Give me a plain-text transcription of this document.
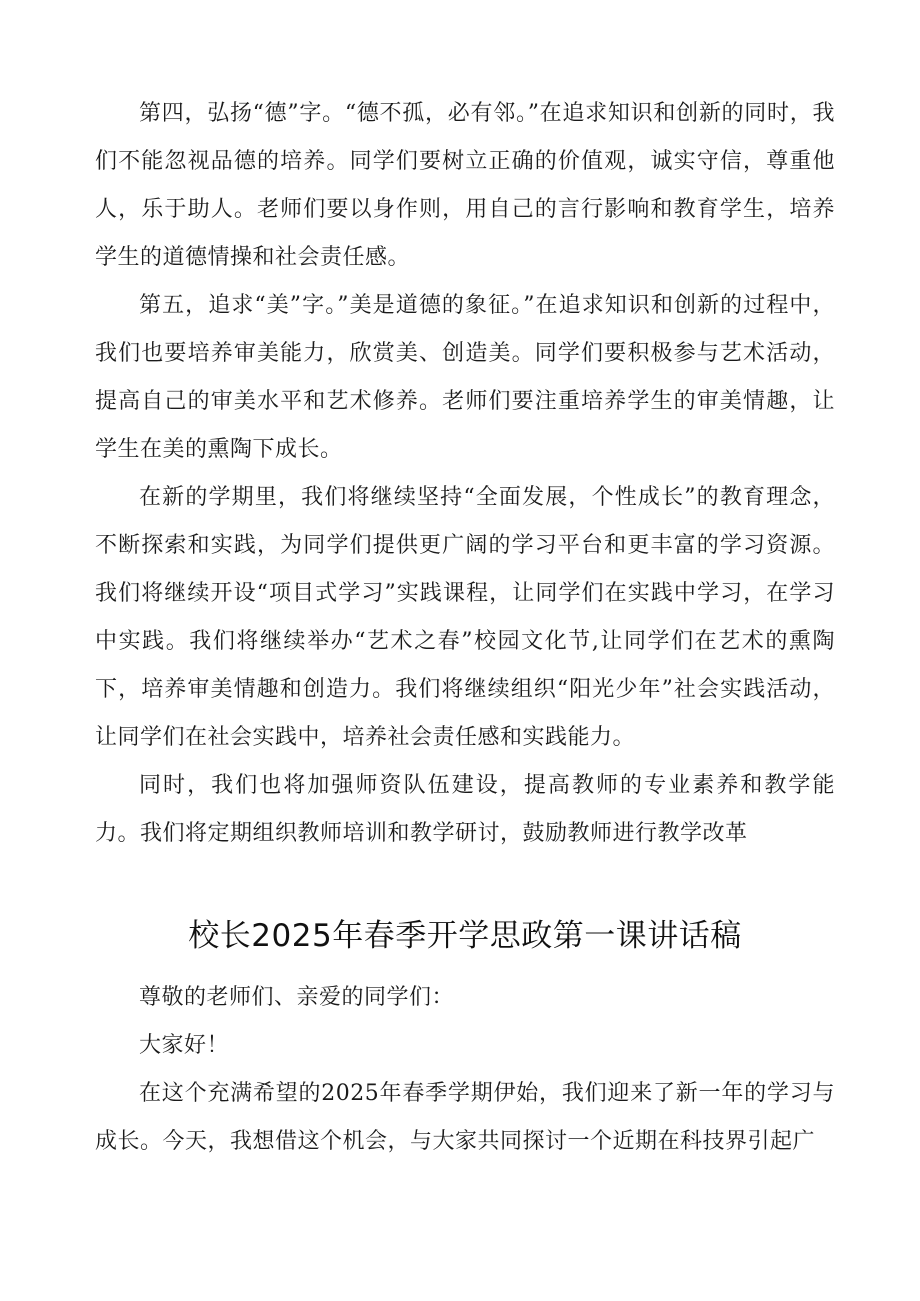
第四，弘扬“德”字。“德不孤，必有邻。”在追求知识和创新的同时，我们不能忽视品德的培养。同学们要树立正确的价值观，诚实守信，尊重他人，乐于助人。老师们要以身作则，用自己的言行影响和教育学生，培养学生的道德情操和社会责任感。

第五，追求“美”字。”美是道德的象征。”在追求知识和创新的过程中，我们也要培养审美能力，欣赏美、创造美。同学们要积极参与艺术活动，提高自己的审美水平和艺术修养。老师们要注重培养学生的审美情趣，让学生在美的熏陶下成长。

在新的学期里，我们将继续坚持“全面发展，个性成长”的教育理念，不断探索和实践，为同学们提供更广阔的学习平台和更丰富的学习资源。我们将继续开设“项目式学习”实践课程，让同学们在实践中学习，在学习中实践。我们将继续举办“艺术之春”校园文化节,让同学们在艺术的熏陶下，培养审美情趣和创造力。我们将继续组织“阳光少年”社会实践活动，让同学们在社会实践中，培养社会责任感和实践能力。

同时，我们也将加强师资队伍建设，提高教师的专业素养和教学能力。我们将定期组织教师培训和教学研讨，鼓励教师进行教学改革

校长2025年春季开学思政第一课讲话稿

尊敬的老师们、亲爱的同学们：

大家好！

在这个充满希望的2025年春季学期伊始，我们迎来了新一年的学习与成长。今天，我想借这个机会，与大家共同探讨一个近期在科技界引起广
